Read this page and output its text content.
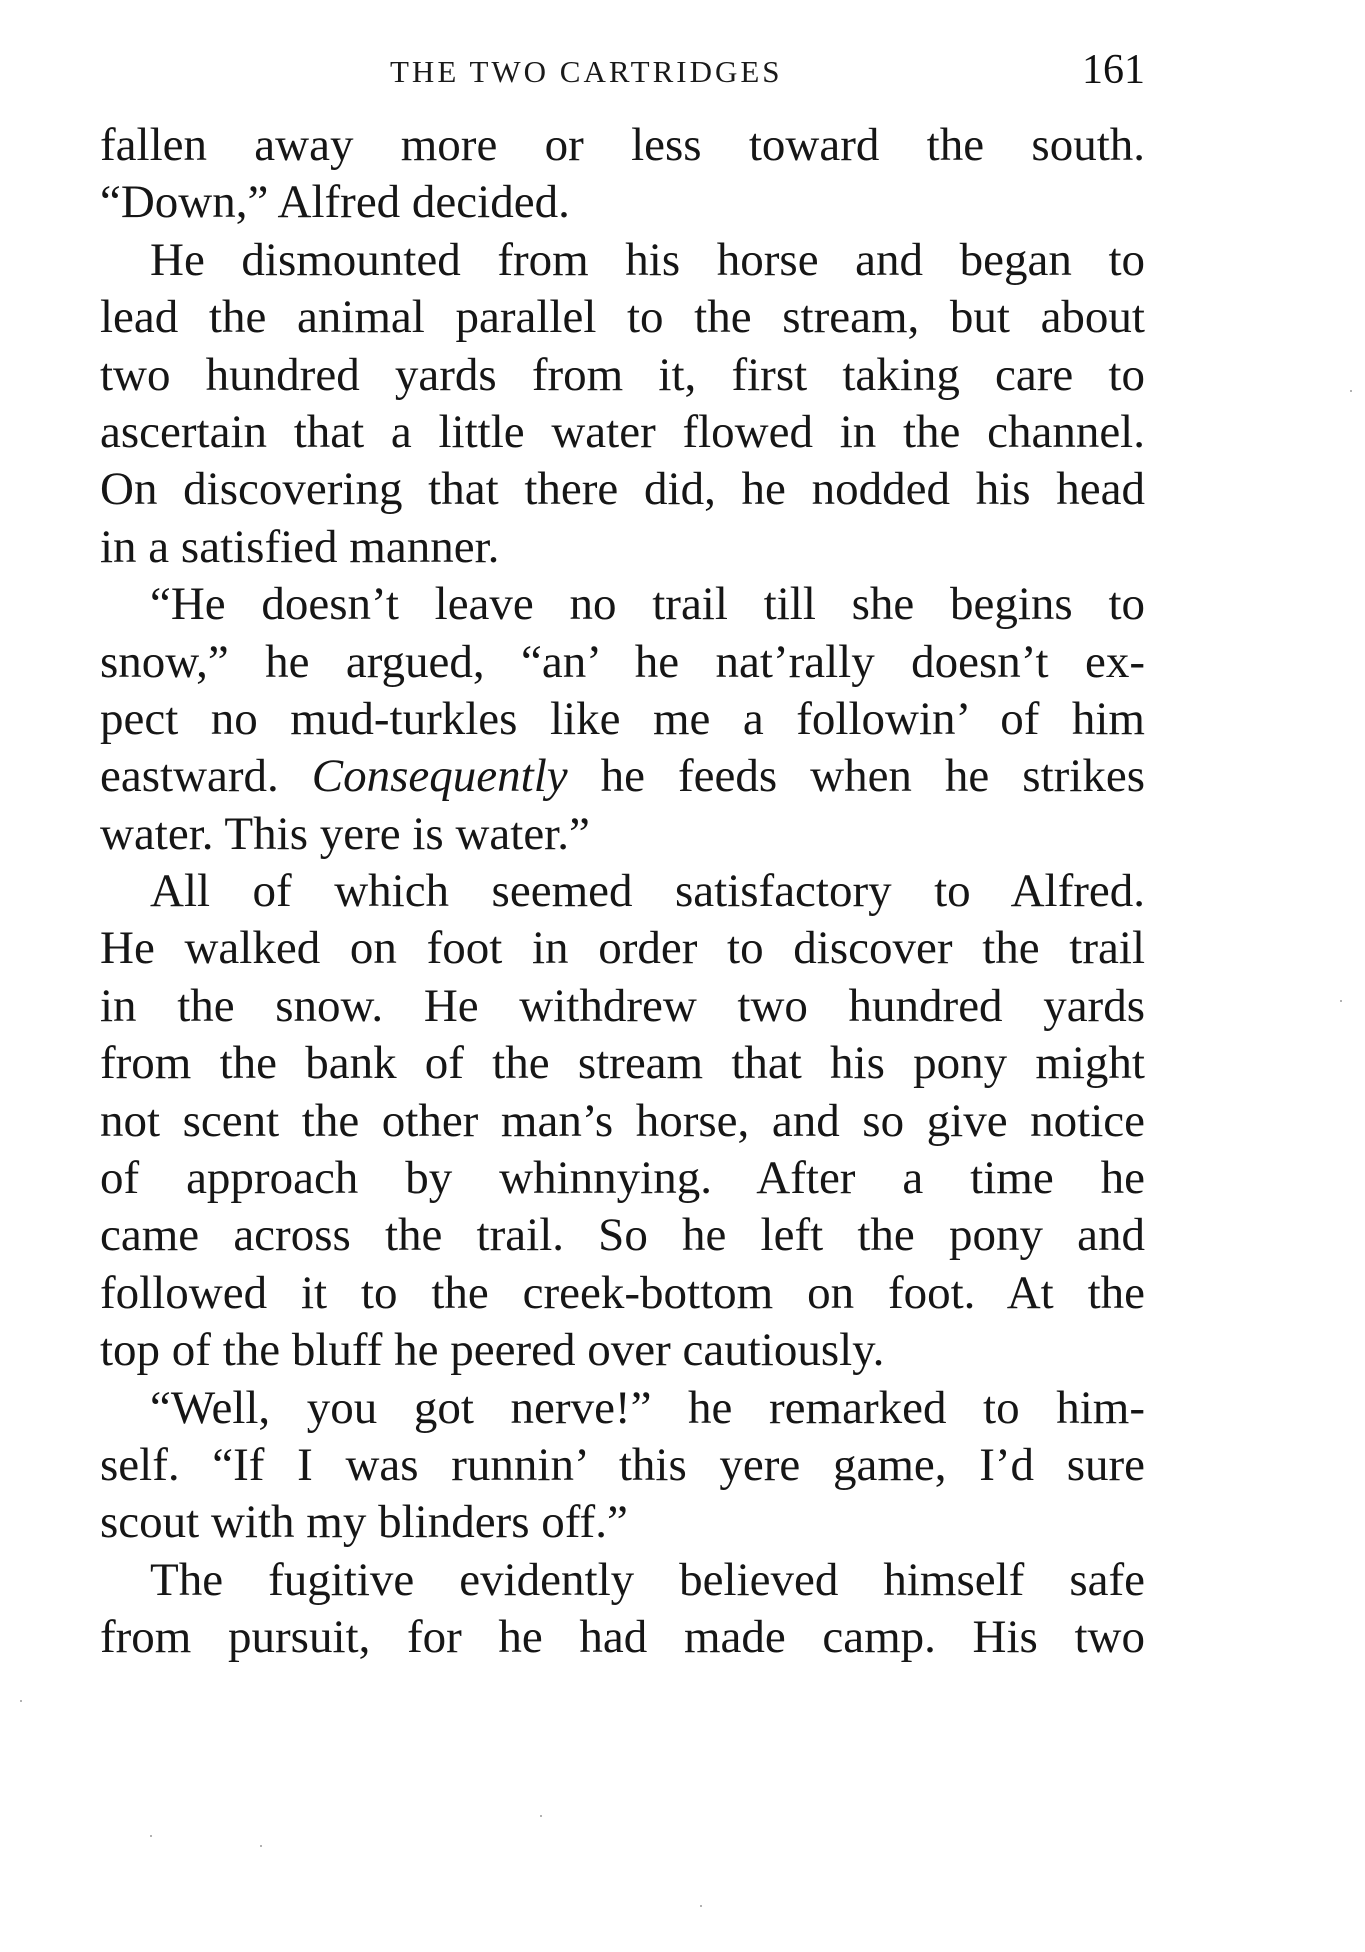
THE TWO CARTRIDGES	161
fallen away more or less toward the south.
“Down,” Alfred decided.
He dismounted from his horse and began to
lead the animal parallel to the stream, but about
two hundred yards from it, first taking care to
ascertain that a little water flowed in the channel.
On discovering that there did, he nodded his head
in a satisfied manner.
“He doesn’t leave no trail till she begins to
snow,” he argued, “an’ he nat’rally doesn’t ex-
pect no mud-turkles like me a followin’ of him
eastward. Consequently he feeds when he strikes
water. This yere is water.”
All of which seemed satisfactory to Alfred.
He walked on foot in order to discover the trail
in the snow. He withdrew two hundred yards
from the bank of the stream that his pony might
not scent the other man’s horse, and so give notice
of approach by whinnying. After a time he
came across the trail. So he left the pony and
followed it to the creek-bottom on foot. At the
top of the bluff he peered over cautiously.
“Well, you got nerve!” he remarked to him-
self. “If I was runnin’ this yere game, I’d sure
scout with my blinders off.”
The fugitive evidently believed himself safe
from pursuit, for he had made camp. His two
